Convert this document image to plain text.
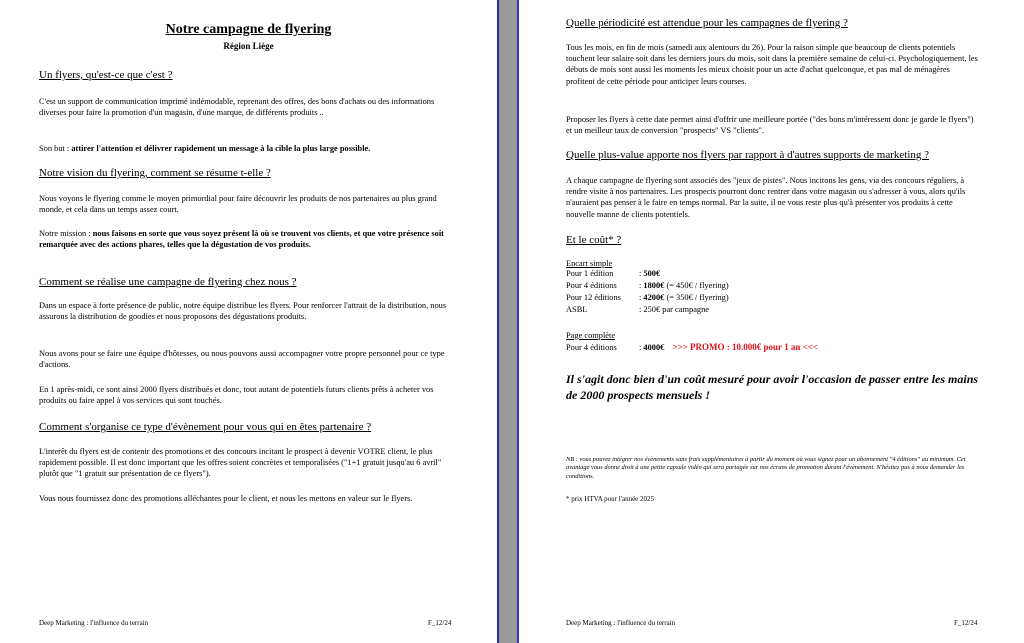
Notre campagne de flyering
Région Liège
Un flyers, qu'est-ce que c'est ?
C'est un support de communication imprimé indémodable, reprenant des offres, des bons d'achats ou des informations diverses pour faire la promotion d'un magasin, d'une marque, de différents produits ..
Son but : attirer l'attention et délivrer rapidement un message à la cible la plus large possible.
Notre vision du flyering, comment se résume t-elle ?
Nous voyons le flyering comme le moyen primordial pour faire découvrir les produits de nos partenaires au plus grand monde, et cela dans un temps assez court.
Notre mission : nous faisons en sorte que vous soyez présent là où se trouvent vos clients, et que votre présence soit remarquée avec des actions phares, telles que la dégustation de vos produits.
Comment se réalise une campagne de flyering chez nous ?
Dans un espace à forte présence de public, notre équipe distribue les flyers. Pour renforcer l'attrait de la distribution, nous assurons la distribution de goodies et nous proposons des dégustations produits.
Nous avons pour se faire une équipe d'hôtesses, ou nous pouvons aussi accompagner votre propre personnel pour ce type d'actions.
En 1 après-midi, ce sont ainsi 2000 flyers distribués et donc, tout autant de potentiels futurs clients prêts à acheter vos produits ou faire appel à vos services qui sont touchés.
Comment s'organise ce type d'évènement pour vous qui en êtes partenaire ?
L'interêt du flyers est de contenir des promotions et des concours incitant le prospect à devenir VOTRE client, le plus rapidement possible. Il est donc important que les offres soient concrètes et temporalisées ("1+1 gratuit jusqu'au 6 avril" plutôt que "1 gratuit sur présentation de ce flyers").
Vous nous fournissez donc des promotions alléchantes pour le client, et nous les mettons en valeur sur le flyers.
Deep Marketing : l'influence du terrain	F_12/24
Quelle périodicité est attendue pour les campagnes de flyering ?
Tous les mois, en fin de mois (samedi aux alentours du 26). Pour la raison simple que beaucoup de clients potentiels touchent leur salaire soit dans les derniers jours du mois, soit dans la première semaine de celui-ci. Psychologiquement, les débuts de mois sont aussi les moments les mieux choisit pour un acte d'achat quelconque, et pas mal de ménagères profitent de cette période pour anticiper leurs courses.
Proposer les flyers à cette date permet ainsi d'offrir une meilleure portée ("des bons m'intéressent donc je garde le flyers") et un meilleur taux de conversion "prospects" VS "clients".
Quelle plus-value apporte nos flyers par rapport à d'autres supports de marketing ?
A chaque campagne de flyering sont associés des "jeux de pistes". Nous incitons les gens, via des concours réguliers, à rendre visite à nos partenaires. Les prospects pourront donc rentrer dans votre magasin ou s'adresser à vous, alors qu'ils n'auraient pas penser à le faire en temps normal. Par la suite, il ne vous reste plus qu'à présenter vos produits à cette nouvelle manne de clients potentiels.
Et le coût* ?
Encart simple
Pour 1 édition	: 500€
Pour 4 éditions	: 1800€ (= 450€ / flyering)
Pour 12 éditions : 4200€ (= 350€ / flyering)
ASBL	: 250€ par campagne
Page complète
Pour 4 éditions	: 4000€ >>> PROMO : 10.000€ pour 1 an <<<
Il s'agit donc bien d'un coût mesuré pour avoir l'occasion de passer entre les mains de 2000 prospects mensuels !
NB : vous pouvez intégrer nos évènements sans frais supplémentaires à partir du moment où vous signez pour un abonnement "4 éditions" au minimum. Cet avantage vous donne droit à une petite capsule vidéo qui sera partagée sur nos écrans de promotion durant l'évènement. N'hésitez pas à nous demander les conditions.
* prix HTVA pour l'année 2025
Deep Marketing : l'influence du terrain	F_12/24
